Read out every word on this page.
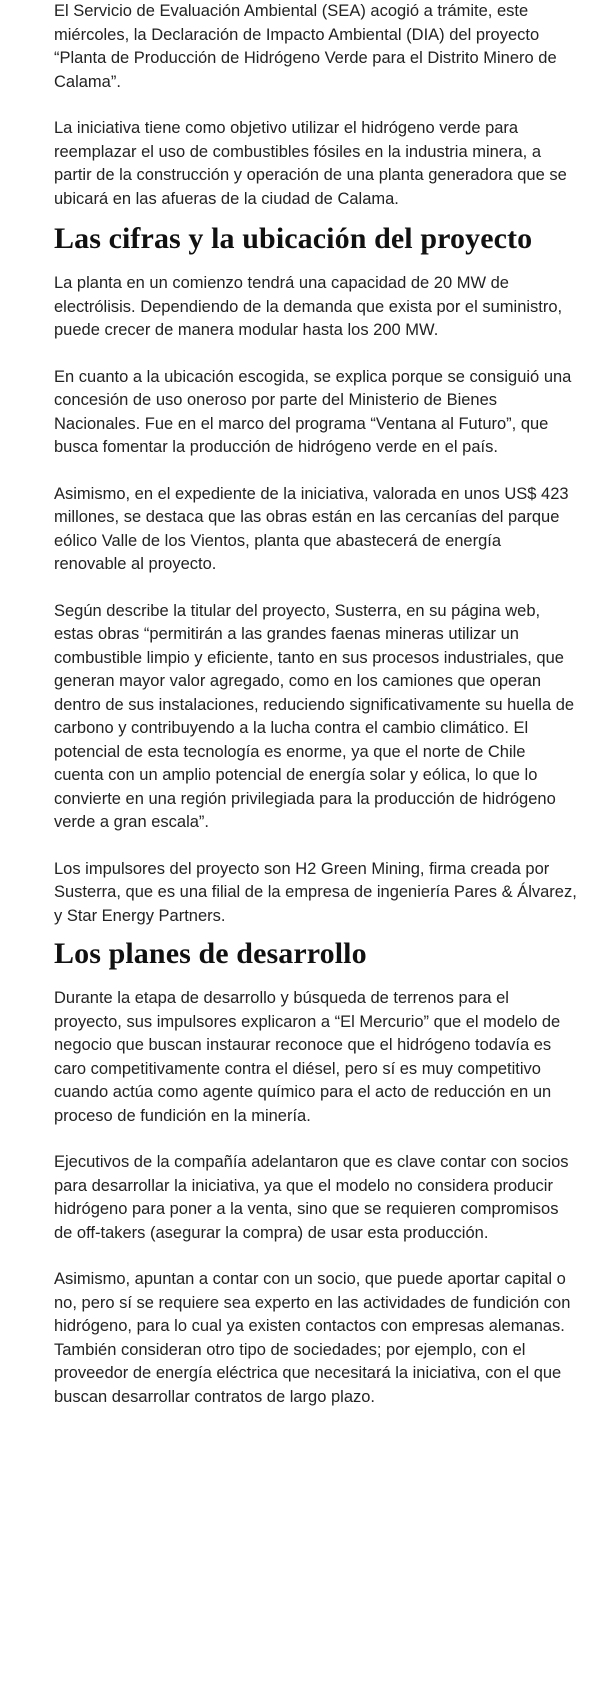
El Servicio de Evaluación Ambiental (SEA) acogió a trámite, este miércoles, la Declaración de Impacto Ambiental (DIA) del proyecto “Planta de Producción de Hidrógeno Verde para el Distrito Minero de Calama”.

La iniciativa tiene como objetivo utilizar el hidrógeno verde para reemplazar el uso de combustibles fósiles en la industria minera, a partir de la construcción y operación de una planta generadora que se ubicará en las afueras de la ciudad de Calama.

Las cifras y la ubicación del proyecto

La planta en un comienzo tendrá una capacidad de 20 MW de electrólisis. Dependiendo de la demanda que exista por el suministro, puede crecer de manera modular hasta los 200 MW.

En cuanto a la ubicación escogida, se explica porque se consiguió una concesión de uso oneroso por parte del Ministerio de Bienes Nacionales. Fue en el marco del programa “Ventana al Futuro”, que busca fomentar la producción de hidrógeno verde en el país.

Asimismo, en el expediente de la iniciativa, valorada en unos US$ 423 millones, se destaca que las obras están en las cercanías del parque eólico Valle de los Vientos, planta que abastecerá de energía renovable al proyecto.

Según describe la titular del proyecto, Susterra, en su página web, estas obras “permitirán a las grandes faenas mineras utilizar un combustible limpio y eficiente, tanto en sus procesos industriales, que generan mayor valor agregado, como en los camiones que operan dentro de sus instalaciones, reduciendo significativamente su huella de carbono y contribuyendo a la lucha contra el cambio climático. El potencial de esta tecnología es enorme, ya que el norte de Chile cuenta con un amplio potencial de energía solar y eólica, lo que lo convierte en una región privilegiada para la producción de hidrógeno verde a gran escala”.

Los impulsores del proyecto son H2 Green Mining, firma creada por Susterra, que es una filial de la empresa de ingeniería Pares & Álvarez, y Star Energy Partners.

Los planes de desarrollo

Durante la etapa de desarrollo y búsqueda de terrenos para el proyecto, sus impulsores explicaron a “El Mercurio” que el modelo de negocio que buscan instaurar reconoce que el hidrógeno todavía es caro competitivamente contra el diésel, pero sí es muy competitivo cuando actúa como agente químico para el acto de reducción en un proceso de fundición en la minería.

Ejecutivos de la compañía adelantaron que es clave contar con socios para desarrollar la iniciativa, ya que el modelo no considera producir hidrógeno para poner a la venta, sino que se requieren compromisos de off-takers (asegurar la compra) de usar esta producción.

Asimismo, apuntan a contar con un socio, que puede aportar capital o no, pero sí se requiere sea experto en las actividades de fundición con hidrógeno, para lo cual ya existen contactos con empresas alemanas. También consideran otro tipo de sociedades; por ejemplo, con el proveedor de energía eléctrica que necesitará la iniciativa, con el que buscan desarrollar contratos de largo plazo.
